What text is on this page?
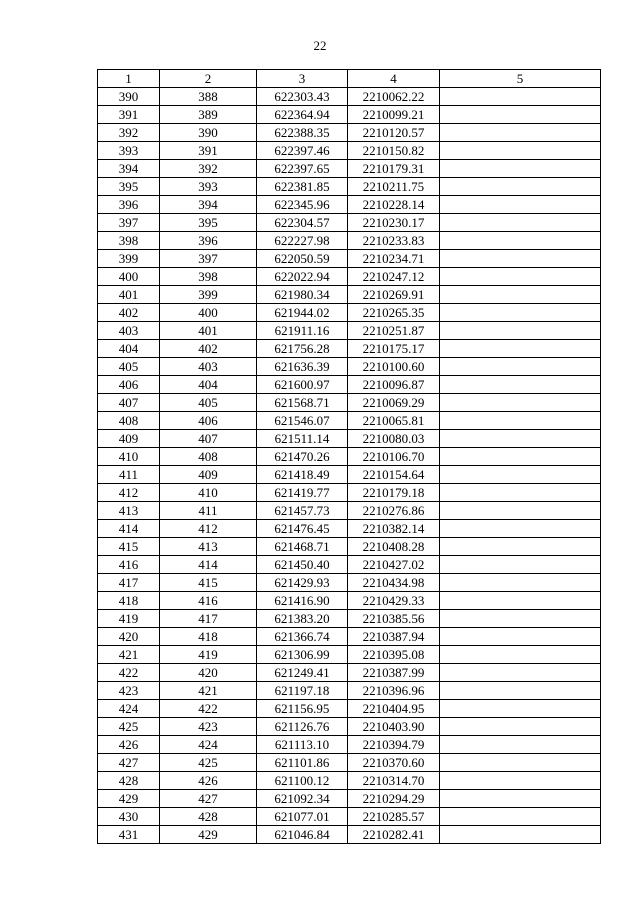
22
1	2	3	4	5
390	388	622303.43	2210062.22	
391	389	622364.94	2210099.21	
392	390	622388.35	2210120.57	
393	391	622397.46	2210150.82	
394	392	622397.65	2210179.31	
395	393	622381.85	2210211.75	
396	394	622345.96	2210228.14	
397	395	622304.57	2210230.17	
398	396	622227.98	2210233.83	
399	397	622050.59	2210234.71	
400	398	622022.94	2210247.12	
401	399	621980.34	2210269.91	
402	400	621944.02	2210265.35	
403	401	621911.16	2210251.87	
404	402	621756.28	2210175.17	
405	403	621636.39	2210100.60	
406	404	621600.97	2210096.87	
407	405	621568.71	2210069.29	
408	406	621546.07	2210065.81	
409	407	621511.14	2210080.03	
410	408	621470.26	2210106.70	
411	409	621418.49	2210154.64	
412	410	621419.77	2210179.18	
413	411	621457.73	2210276.86	
414	412	621476.45	2210382.14	
415	413	621468.71	2210408.28	
416	414	621450.40	2210427.02	
417	415	621429.93	2210434.98	
418	416	621416.90	2210429.33	
419	417	621383.20	2210385.56	
420	418	621366.74	2210387.94	
421	419	621306.99	2210395.08	
422	420	621249.41	2210387.99	
423	421	621197.18	2210396.96	
424	422	621156.95	2210404.95	
425	423	621126.76	2210403.90	
426	424	621113.10	2210394.79	
427	425	621101.86	2210370.60	
428	426	621100.12	2210314.70	
429	427	621092.34	2210294.29	
430	428	621077.01	2210285.57	
431	429	621046.84	2210282.41	
